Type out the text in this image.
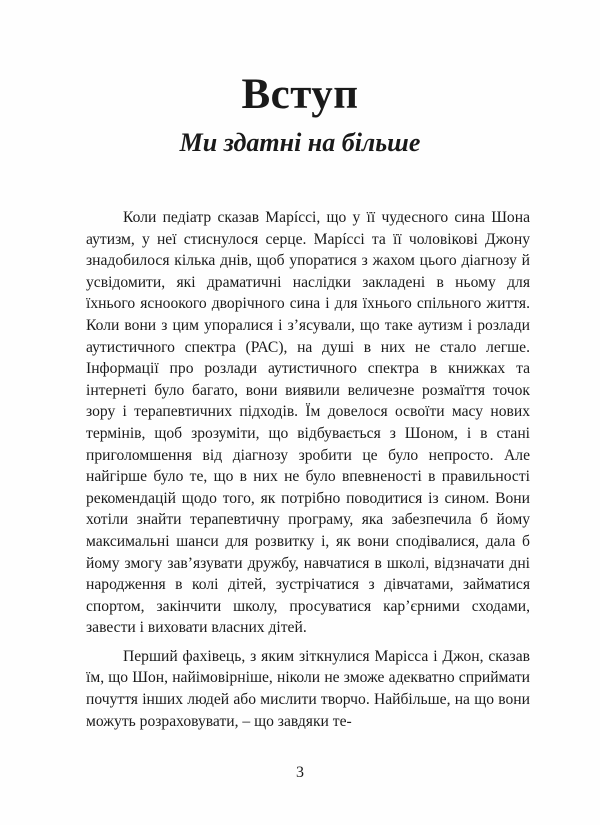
Вступ
Ми здатні на більше

Коли педіатр сказав Марíссі, що у її чудесного сина Шона аутизм, у неї стиснулося серце. Марíссі та її чоловікові Джону знадобилося кілька днів, щоб упоратися з жахом цього діагнозу й усвідомити, які драматичні наслідки закладені в ньому для їхнього ясноокого дворічного сина і для їхнього спільного життя. Коли вони з цим упоралися і з’ясували, що таке аутизм і розлади аутистичного спектра (РАС), на душі в них не стало легше. Інформації про розлади аутистичного спектра в книжках та інтернеті було багато, вони виявили величезне розмаїття точок зору і терапевтичних підходів. Їм довелося освоїти масу нових термінів, щоб зрозуміти, що відбувається з Шоном, і в стані приголомшення від діагнозу зробити це було непросто. Але найгірше було те, що в них не було впевненості в правильності рекомендацій щодо того, як потрібно поводитися із сином. Вони хотіли знайти терапевтичну програму, яка забезпечила б йому максимальні шанси для розвитку і, як вони сподівалися, дала б йому змогу зав’язувати дружбу, навчатися в школі, відзначати дні народження в колі дітей, зустрічатися з дівчатами, займатися спортом, закінчити школу, просуватися кар’єрними сходами, завести і виховати власних дітей.

Перший фахівець, з яким зіткнулися Марісса і Джон, сказав їм, що Шон, найімовірніше, ніколи не зможе адекватно сприймати почуття інших людей або мислити творчо. Найбільше, на що вони можуть розраховувати, – що завдяки те-

3
